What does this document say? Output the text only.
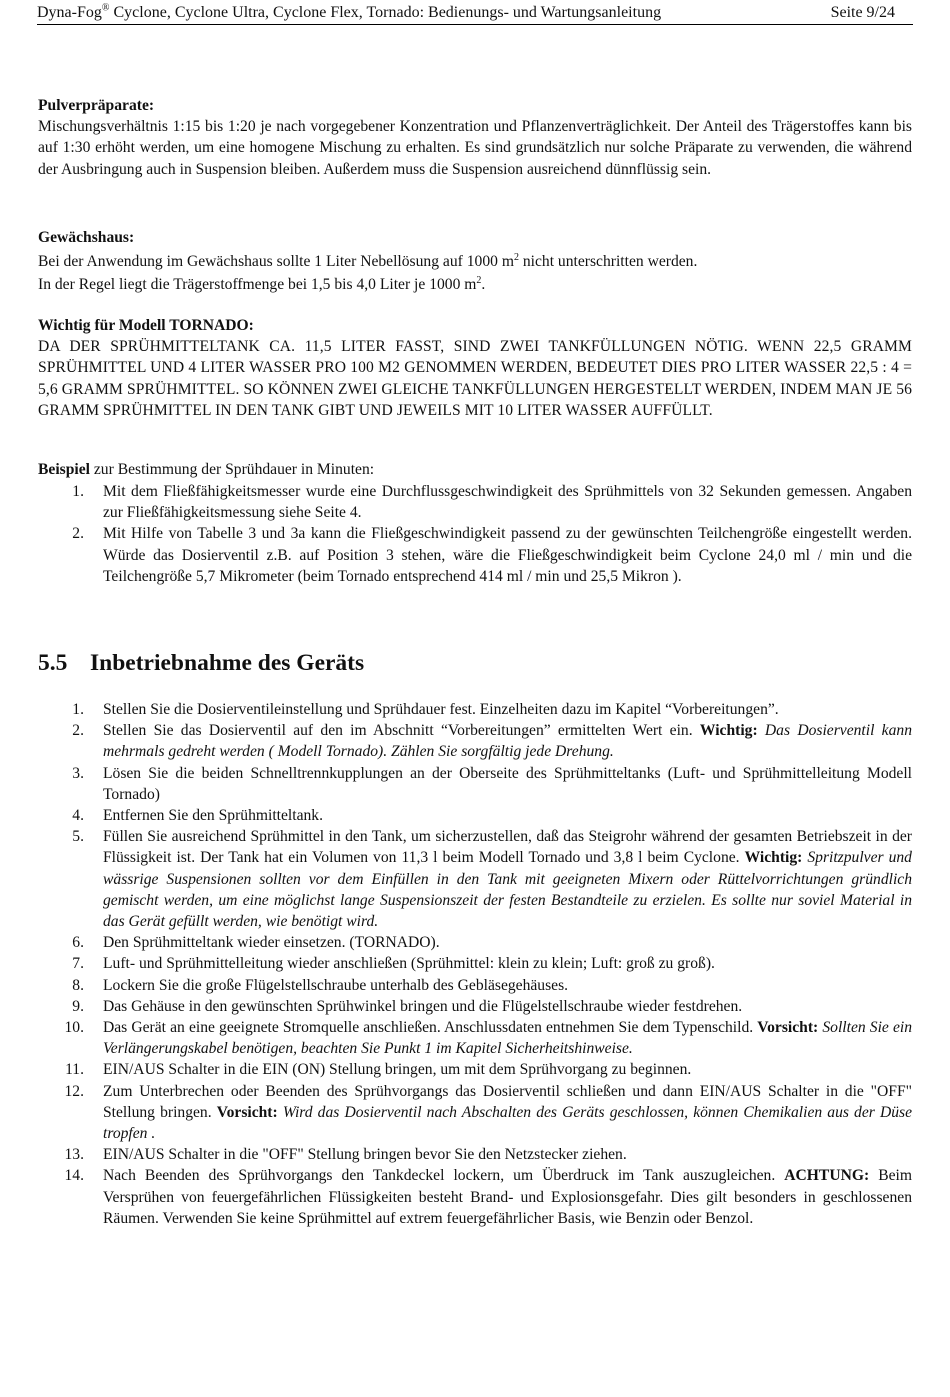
Dyna-Fog® Cyclone, Cyclone Ultra, Cyclone Flex, Tornado: Bedienungs- und Wartungsanleitung	Seite 9/24
Pulverpräparate:

Mischungsverhältnis 1:15 bis 1:20 je nach vorgegebener Konzentration und Pflanzenverträglichkeit. Der Anteil des Trägerstoffes kann bis auf 1:30 erhöht werden, um eine homogene Mischung zu erhalten. Es sind grundsätzlich nur solche Präparate zu verwenden, die während der Ausbringung auch in Suspension bleiben. Außerdem muss die Suspension ausreichend dünnflüssig sein.

Gewächshaus:
Bei der Anwendung im Gewächshaus sollte 1 Liter Nebellösung auf 1000 $m^2$ nicht unterschritten werden.
In der Regel liegt die Trägerstoffmenge bei 1,5 bis 4,0 Liter je 1000 $m^2$.
Wichtig für Modell TORNADO:

DA DER SPRÜHMITTELTANK CA. 11,5 LITER FASST, SIND ZWEI TANKFÜLLUNGEN NÖTIG. WENN 22,5 GRAMM SPRÜHMITTEL UND 4 LITER WASSER PRO 100 M2 GENOMMEN WERDEN, BEDEUTET DIES PRO LITER WASSER 22,5 : 4 = 5,6 GRAMM SPRÜHMITTEL. SO KÖNNEN ZWEI GLEICHE TANKFÜLLUNGEN HERGESTELLT WERDEN, INDEM MAN JE 56 GRAMM SPRÜHMITTEL IN DEN TANK GIBT UND JEWEILS MIT 10 LITER WASSER AUFFÜLLT.

Beispiel zur Bestimmung der Sprühdauer in Minuten:
1. Mit dem Fließfähigkeitsmesser wurde eine Durchflussgeschwindigkeit des Sprühmittels von 32 Sekunden gemessen. Angaben zur Fließfähigkeitsmessung siehe Seite 4.
2. Mit Hilfe von Tabelle 3 und 3a kann die Fließgeschwindigkeit passend zu der gewünschten Teilchengröße eingestellt werden. Würde das Dosierventil z.B. auf Position 3 stehen, wäre die Fließgeschwindigkeit beim Cyclone 24,0 ml / min und die Teilchengröße 5,7 Mikrometer (beim Tornado entsprechend 414 ml / min und 25,5 Mikron ).
5.5 Inbetriebnahme des Geräts
1. Stellen Sie die Dosierventileinstellung und Sprühdauer fest. Einzelheiten dazu im Kapitel “Vorbereitungen”.
2. Stellen Sie das Dosierventil auf den im Abschnitt “Vorbereitungen” ermittelten Wert ein. Wichtig: Das Dosierventil kann mehrmals gedreht werden ( Modell Tornado). Zählen Sie sorgfältig jede Drehung.
3. Lösen Sie die beiden Schnelltrennkupplungen an der Oberseite des Sprühmitteltanks (Luft- und Sprühmittelleitung Modell Tornado)
4. Entfernen Sie den Sprühmitteltank.
5. Füllen Sie ausreichend Sprühmittel in den Tank, um sicherzustellen, daß das Steigrohr während der gesamten Betriebszeit in der Flüssigkeit ist. Der Tank hat ein Volumen von 11,3 l beim Modell Tornado und 3,8 l beim Cyclone. Wichtig: Spritzpulver und wässrige Suspensionen sollten vor dem Einfüllen in den Tank mit geeigneten Mixern oder Rüttelvorrichtungen gründlich gemischt werden, um eine möglichst lange Suspensionszeit der festen Bestandteile zu erzielen. Es sollte nur soviel Material in das Gerät gefüllt werden, wie benötigt wird.
6. Den Sprühmitteltank wieder einsetzen. (TORNADO).
7. Luft- und Sprühmittelleitung wieder anschließen (Sprühmittel: klein zu klein; Luft: groß zu groß).
8. Lockern Sie die große Flügelstellschraube unterhalb des Gebläsegehäuses.
9. Das Gehäuse in den gewünschten Sprühwinkel bringen und die Flügelstellschraube wieder festdrehen.
10. Das Gerät an eine geeignete Stromquelle anschließen. Anschlussdaten entnehmen Sie dem Typenschild. Vorsicht: Sollten Sie ein Verlängerungskabel benötigen, beachten Sie Punkt 1 im Kapitel Sicherheitshinweise.
11. EIN/AUS Schalter in die EIN (ON) Stellung bringen, um mit dem Sprühvorgang zu beginnen.
12. Zum Unterbrechen oder Beenden des Sprühvorgangs das Dosierventil schließen und dann EIN/AUS Schalter in die "OFF" Stellung bringen. Vorsicht: Wird das Dosierventil nach Abschalten des Geräts geschlossen, können Chemikalien aus der Düse tropfen .
13. EIN/AUS Schalter in die "OFF" Stellung bringen bevor Sie den Netzstecker ziehen.
14. Nach Beenden des Sprühvorgangs den Tankdeckel lockern, um Überdruck im Tank auszugleichen. ACHTUNG: Beim Versprühen von feuergefährlichen Flüssigkeiten besteht Brand- und Explosionsgefahr. Dies gilt besonders in geschlossenen Räumen. Verwenden Sie keine Sprühmittel auf extrem feuergefährlicher Basis, wie Benzin oder Benzol.
